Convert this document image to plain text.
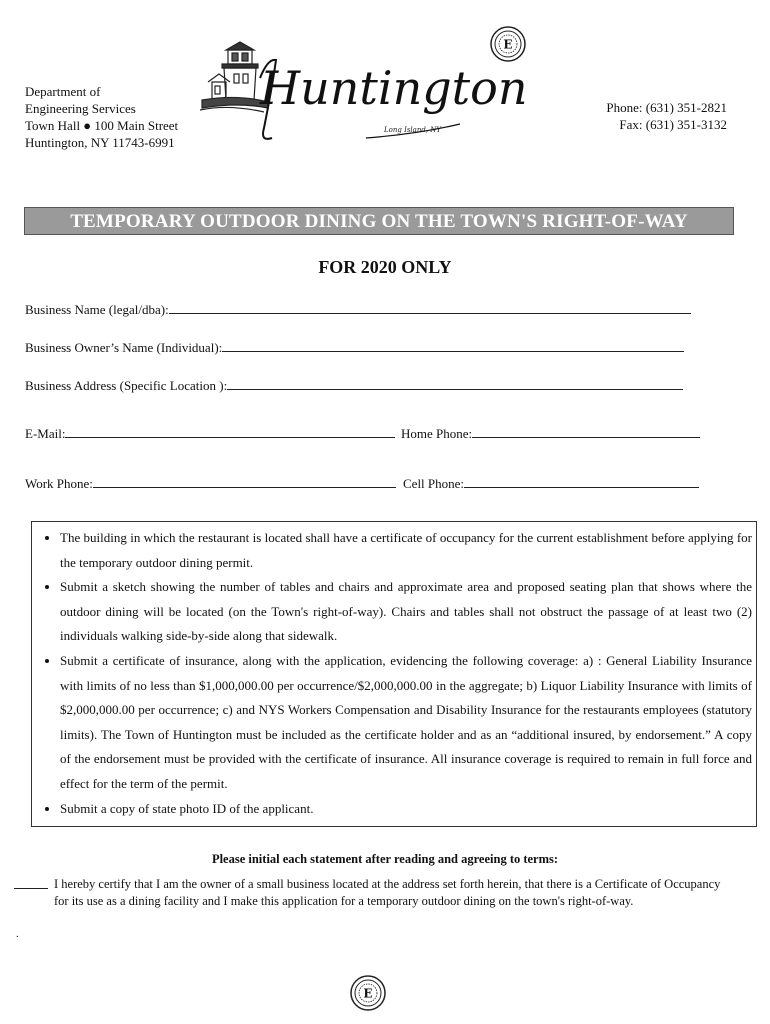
Department of
Engineering Services
Town Hall ● 100 Main Street
Huntington, NY 11743-6991
Huntington
Long Island, NY
E
Phone: (631) 351-2821
Fax: (631) 351-3132
TEMPORARY OUTDOOR DINING ON THE TOWN'S RIGHT-OF-WAY
FOR 2020 ONLY
Business Name (legal/dba):
Business Owner’s Name (Individual):
Business Address (Specific Location ):
E-Mail:	Home Phone:
Work Phone:	Cell Phone:
• The building in which the restaurant is located shall have a certificate of occupancy for the current establishment before applying for the temporary outdoor dining permit.
• Submit a sketch showing the number of tables and chairs and approximate area and proposed seating plan that shows where the outdoor dining will be located (on the Town's right-of-way). Chairs and tables shall not obstruct the passage of at least two (2) individuals walking side-by-side along that sidewalk.
• Submit a certificate of insurance, along with the application, evidencing the following coverage: a) : General Liability Insurance with limits of no less than $1,000,000.00 per occurrence/$2,000,000.00 in the aggregate; b) Liquor Liability Insurance with limits of $2,000,000.00 per occurrence; c) and NYS Workers Compensation and Disability Insurance for the restaurants employees (statutory limits). The Town of Huntington must be included as the certificate holder and as an “additional insured, by endorsement.” A copy of the endorsement must be provided with the certificate of insurance. All insurance coverage is required to remain in full force and effect for the term of the permit.
• Submit a copy of state photo ID of the applicant.
Please initial each statement after reading and agreeing to terms:
I hereby certify that I am the owner of a small business located at the address set forth herein, that there is a Certificate of Occupancy for its use as a dining facility and I make this application for a temporary outdoor dining on the town's right-of-way.
.
E
